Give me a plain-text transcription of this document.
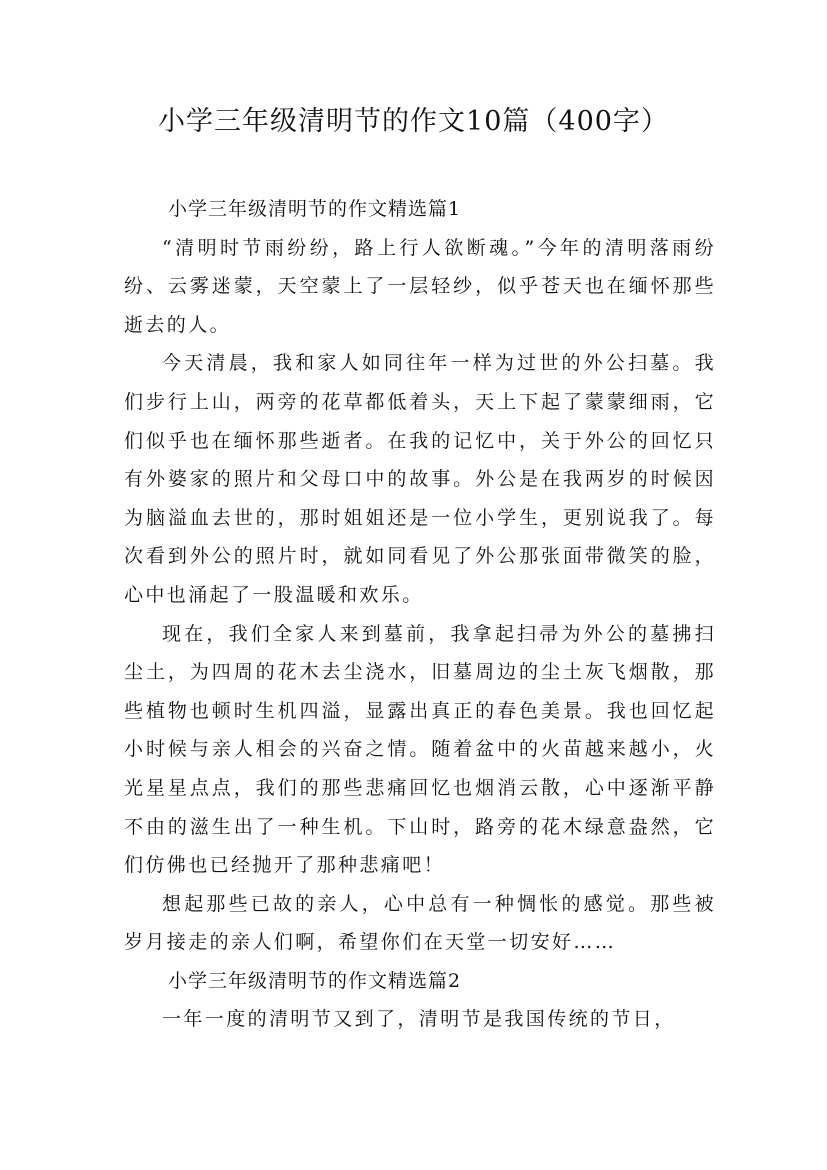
小学三年级清明节的作文10篇（400字）
小学三年级清明节的作文精选篇1

“清明时节雨纷纷，路上行人欲断魂。”今年的清明落雨纷纷、云雾迷蒙，天空蒙上了一层轻纱，似乎苍天也在缅怀那些逝去的人。

今天清晨，我和家人如同往年一样为过世的外公扫墓。我们步行上山，两旁的花草都低着头，天上下起了蒙蒙细雨，它们似乎也在缅怀那些逝者。在我的记忆中，关于外公的回忆只有外婆家的照片和父母口中的故事。外公是在我两岁的时候因为脑溢血去世的，那时姐姐还是一位小学生，更别说我了。每次看到外公的照片时，就如同看见了外公那张面带微笑的脸，心中也涌起了一股温暖和欢乐。

现在，我们全家人来到墓前，我拿起扫帚为外公的墓拂扫尘土，为四周的花木去尘浇水，旧墓周边的尘土灰飞烟散，那些植物也顿时生机四溢，显露出真正的春色美景。我也回忆起小时候与亲人相会的兴奋之情。随着盆中的火苗越来越小，火光星星点点，我们的那些悲痛回忆也烟消云散，心中逐渐平静不由的滋生出了一种生机。下山时，路旁的花木绿意盎然，它们仿佛也已经抛开了那种悲痛吧！

想起那些已故的亲人，心中总有一种惆怅的感觉。那些被岁月接走的亲人们啊，希望你们在天堂一切安好……

小学三年级清明节的作文精选篇2

一年一度的清明节又到了，清明节是我国传统的节日，
